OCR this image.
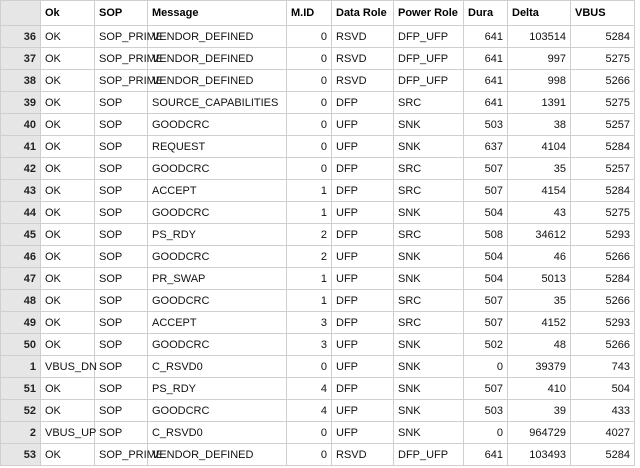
	Ok	SOP	Message	M.ID	Data Role	Power Role	Dura	Delta	VBUS
36	OK	SOP_PRIME	VENDOR_DEFINED	0	RSVD	DFP_UFP	641	103514	5284
37	OK	SOP_PRIME	VENDOR_DEFINED	0	RSVD	DFP_UFP	641	997	5275
38	OK	SOP_PRIME	VENDOR_DEFINED	0	RSVD	DFP_UFP	641	998	5266
39	OK	SOP	SOURCE_CAPABILITIES	0	DFP	SRC	641	1391	5275
40	OK	SOP	GOODCRC	0	UFP	SNK	503	38	5257
41	OK	SOP	REQUEST	0	UFP	SNK	637	4104	5284
42	OK	SOP	GOODCRC	0	DFP	SRC	507	35	5257
43	OK	SOP	ACCEPT	1	DFP	SRC	507	4154	5284
44	OK	SOP	GOODCRC	1	UFP	SNK	504	43	5275
45	OK	SOP	PS_RDY	2	DFP	SRC	508	34612	5293
46	OK	SOP	GOODCRC	2	UFP	SNK	504	46	5266
47	OK	SOP	PR_SWAP	1	UFP	SNK	504	5013	5284
48	OK	SOP	GOODCRC	1	DFP	SRC	507	35	5266
49	OK	SOP	ACCEPT	3	DFP	SRC	507	4152	5293
50	OK	SOP	GOODCRC	3	UFP	SNK	502	48	5266
1	VBUS_DN	SOP	C_RSVD0	0	UFP	SNK	0	39379	743
51	OK	SOP	PS_RDY	4	DFP	SNK	507	410	504
52	OK	SOP	GOODCRC	4	UFP	SNK	503	39	433
2	VBUS_UP	SOP	C_RSVD0	0	UFP	SNK	0	964729	4027
53	OK	SOP_PRIME	VENDOR_DEFINED	0	RSVD	DFP_UFP	641	103493	5284
